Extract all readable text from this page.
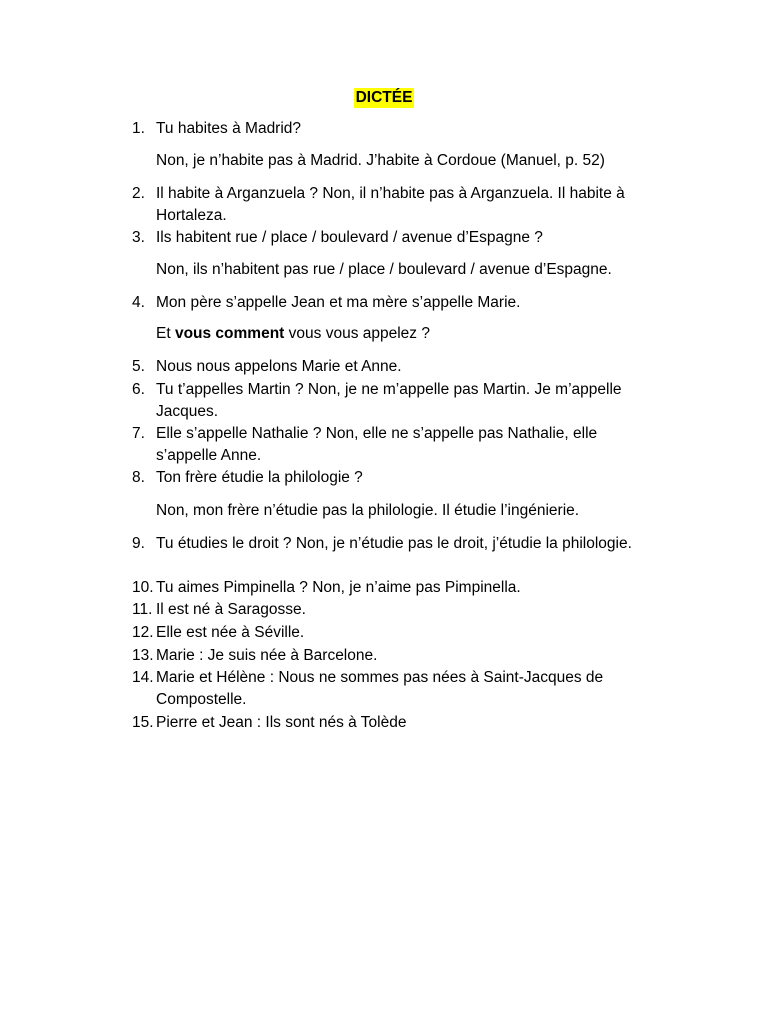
DICTÉE
1. Tu habites à Madrid?
Non, je n’habite pas à Madrid. J’habite à Cordoue (Manuel, p. 52)
2. Il habite à Arganzuela ? Non, il n’habite pas à Arganzuela. Il habite à Hortaleza.
3. Ils habitent rue / place / boulevard / avenue d’Espagne ?
Non, ils n’habitent pas rue / place / boulevard / avenue d’Espagne.
4. Mon père s’appelle Jean et ma mère s’appelle Marie.
Et vous comment vous vous appelez ?
5. Nous nous appelons Marie et Anne.
6. Tu t’appelles Martin ? Non, je ne m’appelle pas Martin. Je m’appelle Jacques.
7. Elle s’appelle Nathalie ? Non, elle ne s’appelle pas Nathalie, elle s’appelle Anne.
8. Ton frère étudie la philologie ?
Non, mon frère n’étudie pas la philologie. Il étudie l’ingénierie.
9. Tu étudies le droit ? Non, je n’étudie pas le droit, j’étudie la philologie.
10. Tu aimes Pimpinella ? Non, je n’aime pas Pimpinella.
11. Il est né à Saragosse.
12. Elle est née à Séville.
13. Marie : Je suis née à Barcelone.
14. Marie et Hélène : Nous ne sommes pas nées à Saint-Jacques de Compostelle.
15. Pierre et Jean : Ils sont nés à Tolède
